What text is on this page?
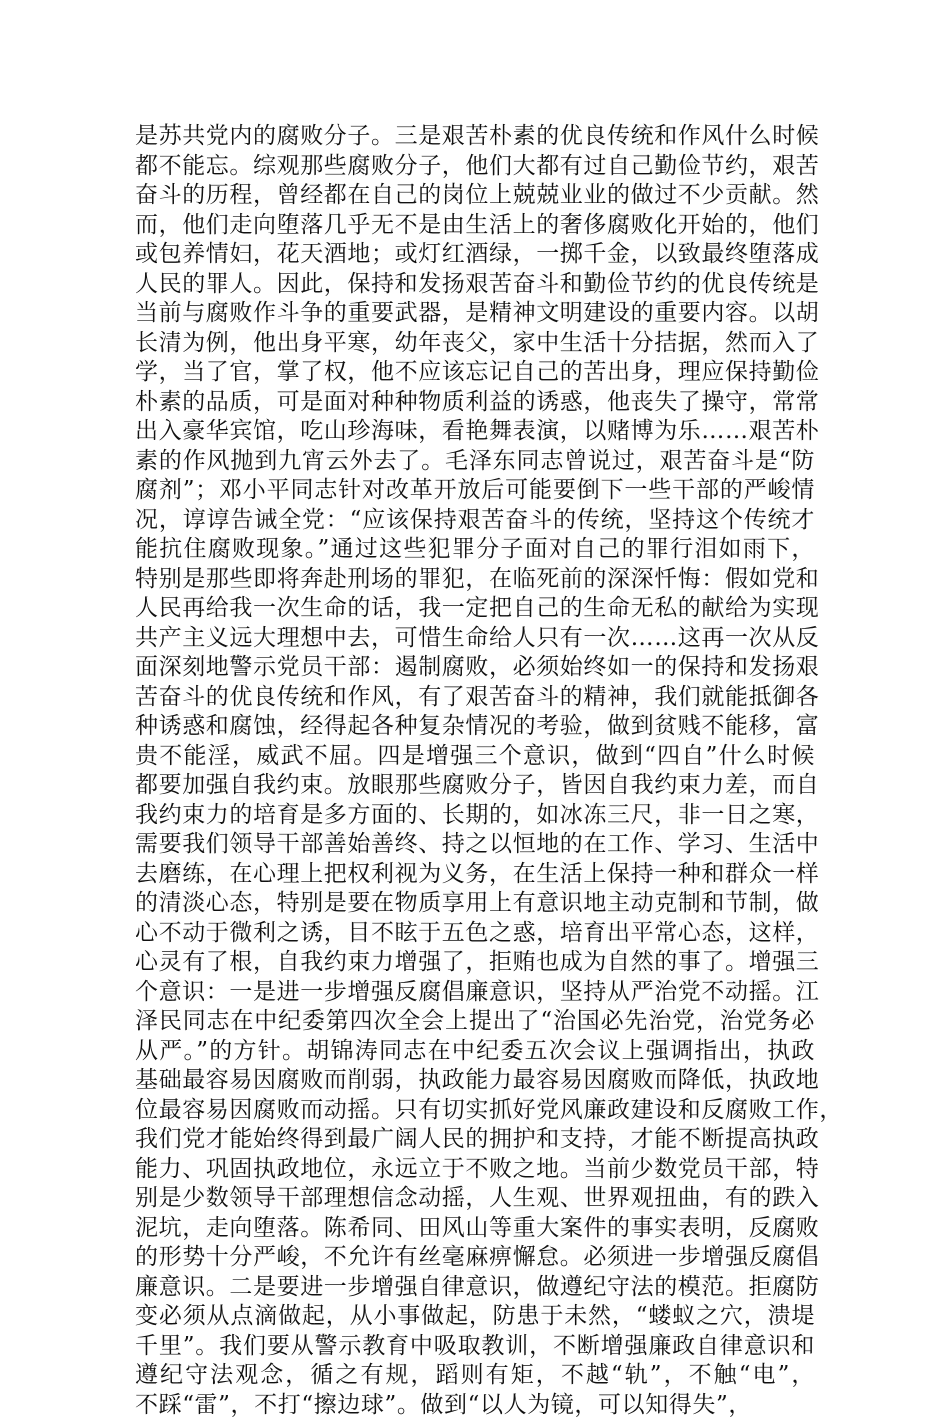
是苏共党内的腐败分子。三是艰苦朴素的优良传统和作风什么时候
都不能忘。综观那些腐败分子，他们大都有过自己勤俭节约，艰苦
奋斗的历程，曾经都在自己的岗位上兢兢业业的做过不少贡献。然
而，他们走向堕落几乎无不是由生活上的奢侈腐败化开始的，他们
或包养情妇，花天酒地；或灯红酒绿，一掷千金，以致最终堕落成
人民的罪人。因此，保持和发扬艰苦奋斗和勤俭节约的优良传统是
当前与腐败作斗争的重要武器，是精神文明建设的重要内容。以胡
长清为例，他出身平寒，幼年丧父，家中生活十分拮据，然而入了
学，当了官，掌了权，他不应该忘记自己的苦出身，理应保持勤俭
朴素的品质，可是面对种种物质利益的诱惑，他丧失了操守，常常
出入豪华宾馆，吃山珍海味，看艳舞表演，以赌博为乐……艰苦朴
素的作风抛到九宵云外去了。毛泽东同志曾说过，艰苦奋斗是“防
腐剂”；邓小平同志针对改革开放后可能要倒下一些干部的严峻情
况，谆谆告诫全党：“应该保持艰苦奋斗的传统，坚持这个传统才
能抗住腐败现象。”通过这些犯罪分子面对自己的罪行泪如雨下，
特别是那些即将奔赴刑场的罪犯，在临死前的深深忏悔：假如党和
人民再给我一次生命的话，我一定把自己的生命无私的献给为实现
共产主义远大理想中去，可惜生命给人只有一次……这再一次从反
面深刻地警示党员干部：遏制腐败，必须始终如一的保持和发扬艰
苦奋斗的优良传统和作风，有了艰苦奋斗的精神，我们就能抵御各
种诱惑和腐蚀，经得起各种复杂情况的考验，做到贫贱不能移，富
贵不能淫，威武不屈。四是增强三个意识，做到“四自”什么时候
都要加强自我约束。放眼那些腐败分子，皆因自我约束力差，而自
我约束力的培育是多方面的、长期的，如冰冻三尺，非一日之寒，
需要我们领导干部善始善终、持之以恒地的在工作、学习、生活中
去磨练，在心理上把权利视为义务，在生活上保持一种和群众一样
的清淡心态，特别是要在物质享用上有意识地主动克制和节制，做
心不动于微利之诱，目不眩于五色之惑，培育出平常心态，这样，
心灵有了根，自我约束力增强了，拒贿也成为自然的事了。增强三
个意识：一是进一步增强反腐倡廉意识，坚持从严治党不动摇。江
泽民同志在中纪委第四次全会上提出了“治国必先治党，治党务必
从严。”的方针。胡锦涛同志在中纪委五次会议上强调指出，执政
基础最容易因腐败而削弱，执政能力最容易因腐败而降低，执政地
位最容易因腐败而动摇。只有切实抓好党风廉政建设和反腐败工作，
我们党才能始终得到最广阔人民的拥护和支持，才能不断提高执政
能力、巩固执政地位，永远立于不败之地。当前少数党员干部，特
别是少数领导干部理想信念动摇，人生观、世界观扭曲，有的跌入
泥坑，走向堕落。陈希同、田风山等重大案件的事实表明，反腐败
的形势十分严峻，不允许有丝毫麻痹懈怠。必须进一步增强反腐倡
廉意识。二是要进一步增强自律意识，做遵纪守法的模范。拒腐防
变必须从点滴做起，从小事做起，防患于未然，“蝼蚁之穴，溃堤
千里”。我们要从警示教育中吸取教训，不断增强廉政自律意识和
遵纪守法观念，循之有规，蹈则有矩，不越“轨”，不触“电”，
不踩“雷”，不打“擦边球”。做到“以人为镜，可以知得失”，
